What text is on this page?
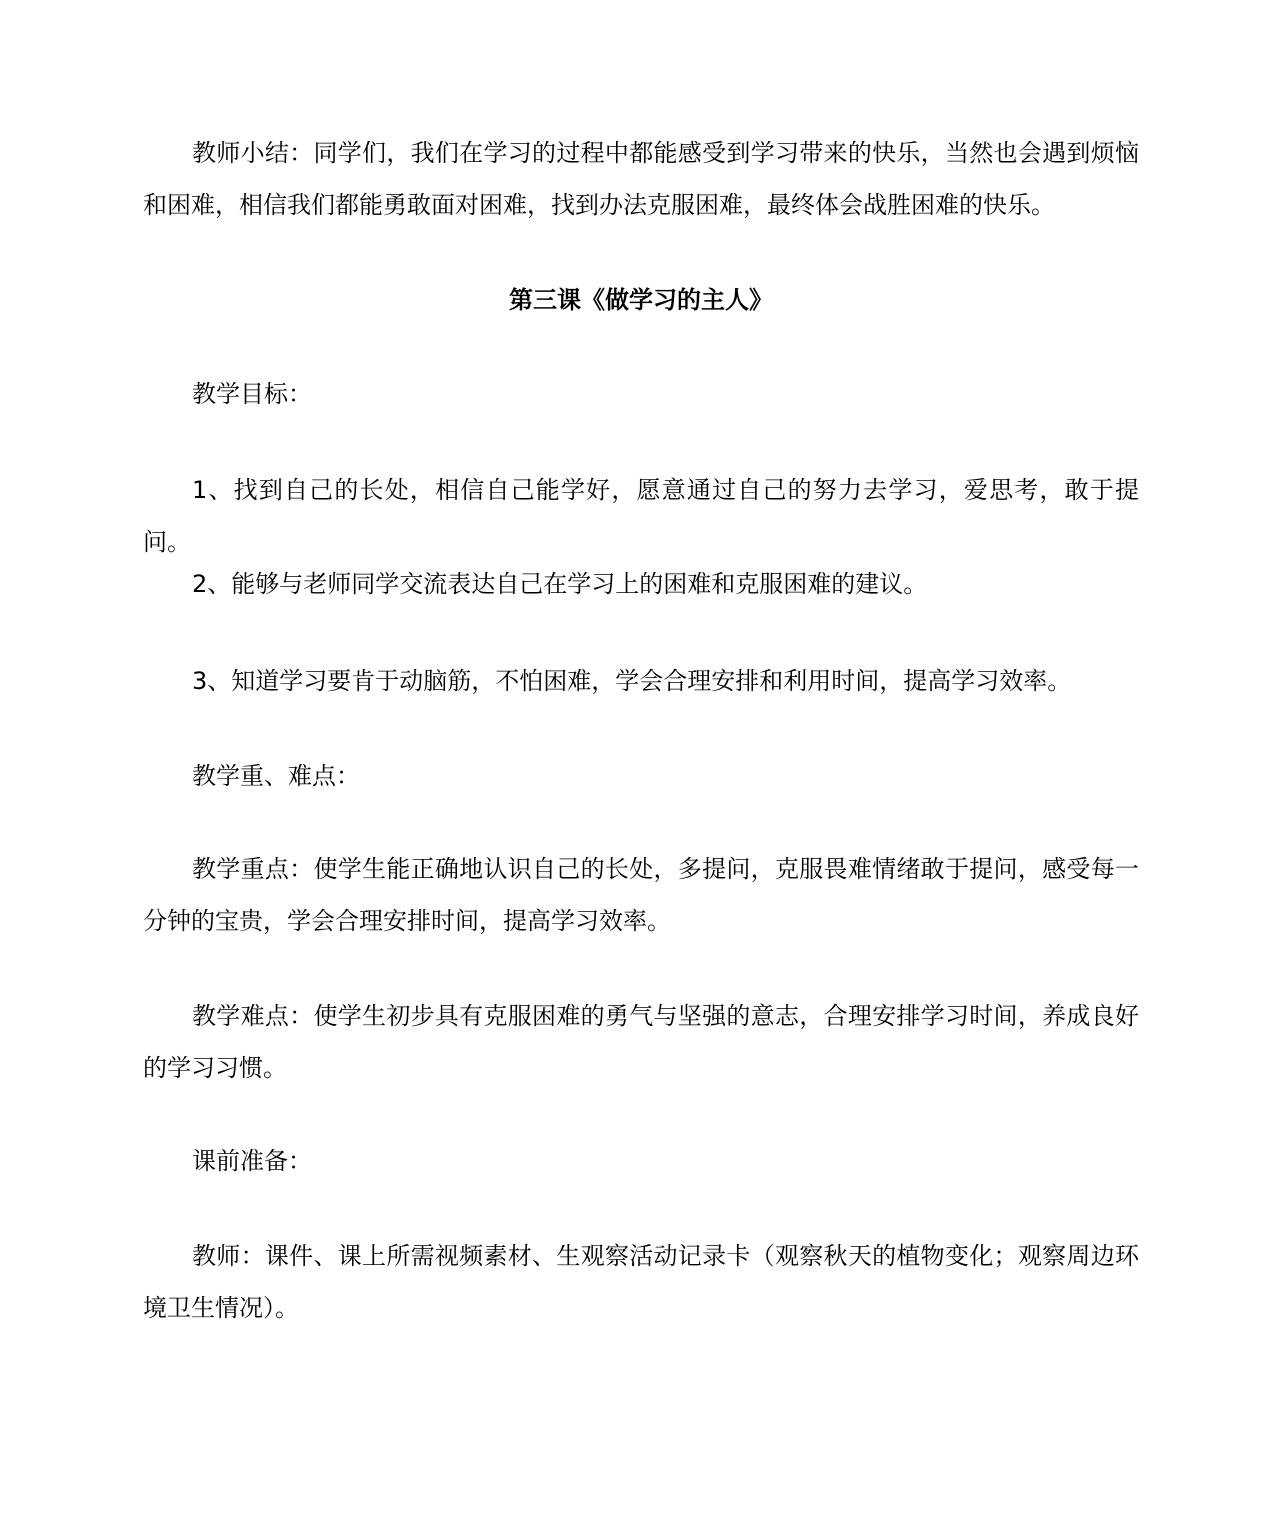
教师小结：同学们，我们在学习的过程中都能感受到学习带来的快乐，当然也会遇到烦恼和困难，相信我们都能勇敢面对困难，找到办法克服困难，最终体会战胜困难的快乐。

第三课《做学习的主人》

教学目标：

1、找到自己的长处，相信自己能学好，愿意通过自己的努力去学习，爱思考，敢于提问。

2、能够与老师同学交流表达自己在学习上的困难和克服困难的建议。

3、知道学习要肯于动脑筋，不怕困难，学会合理安排和利用时间，提高学习效率。

教学重、难点：

教学重点：使学生能正确地认识自己的长处，多提问，克服畏难情绪敢于提问，感受每一分钟的宝贵，学会合理安排时间，提高学习效率。

教学难点：使学生初步具有克服困难的勇气与坚强的意志，合理安排学习时间，养成良好的学习习惯。

课前准备：

教师：课件、课上所需视频素材、生观察活动记录卡（观察秋天的植物变化；观察周边环境卫生情况）。
